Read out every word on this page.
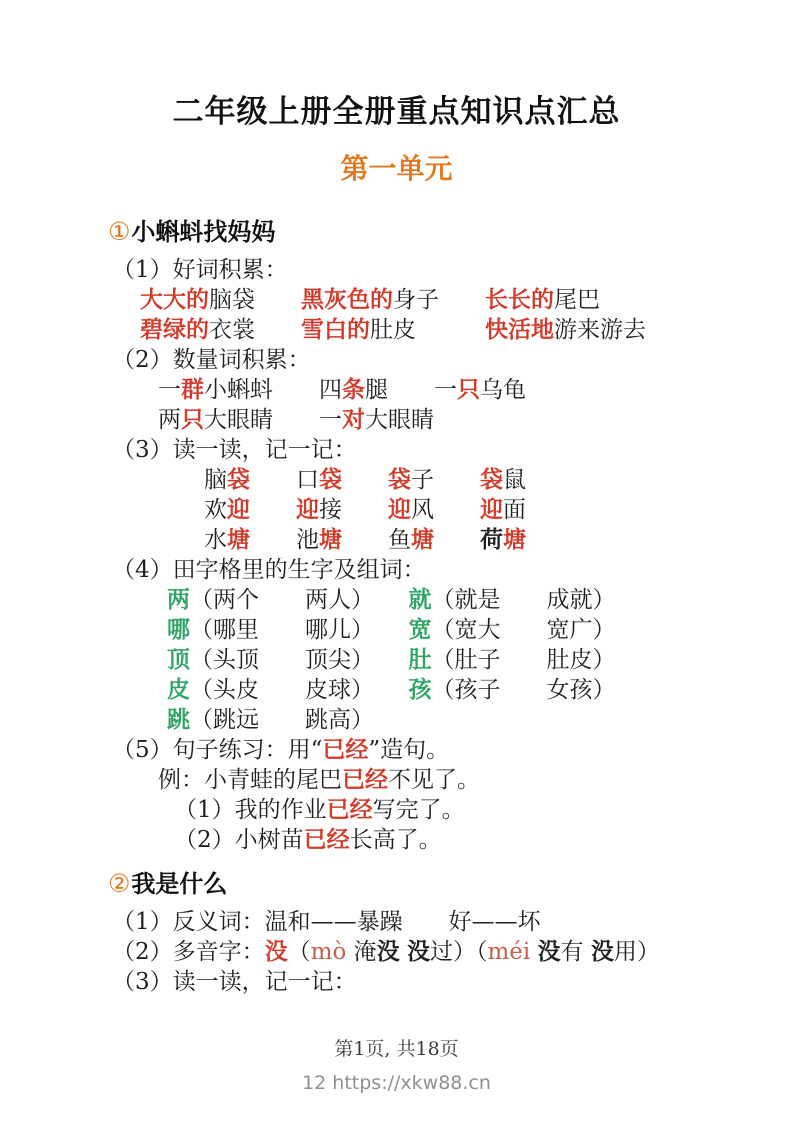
二年级上册全册重点知识点汇总
第一单元
①小蝌蚪找妈妈
（1）好词积累：
大大的脑袋　　 黑灰色的身子　　 长长的尾巴
碧绿的衣裳　　 雪白的肚皮　　　	快活地游来游去
（2）数量词积累：
一群小蝌蚪　　 四条腿　　 一只乌龟
两只大眼睛　　 一对大眼睛
（3）读一读，记一记：
脑袋　　 口袋　　 袋子　　 袋鼠
欢迎　　 迎接　　 迎风　　 迎面
水塘　　 池塘　　 鱼塘　　 荷塘
（4）田字格里的生字及组词：
两（两个　　两人）　　 就（就是　　成就）
哪（哪里　　哪儿）　　 宽（宽大　　宽广）
顶（头顶　　顶尖）　　 肚（肚子　　肚皮）
皮（头皮　　皮球）　　 孩（孩子　　女孩）
跳（跳远　　跳高）
（5）句子练习：用“已经”造句。
例：小青蛙的尾巴已经不见了。
（1）我的作业已经写完了。
（2）小树苗已经长高了。
②我是什么
（1）反义词：温和——暴躁　　好——坏
（2）多音字：没（mò 淹没 没过）（méi 没有 没用）
（3）读一读，记一记：
第1页, 共18页
12 https://xkw88.cn
